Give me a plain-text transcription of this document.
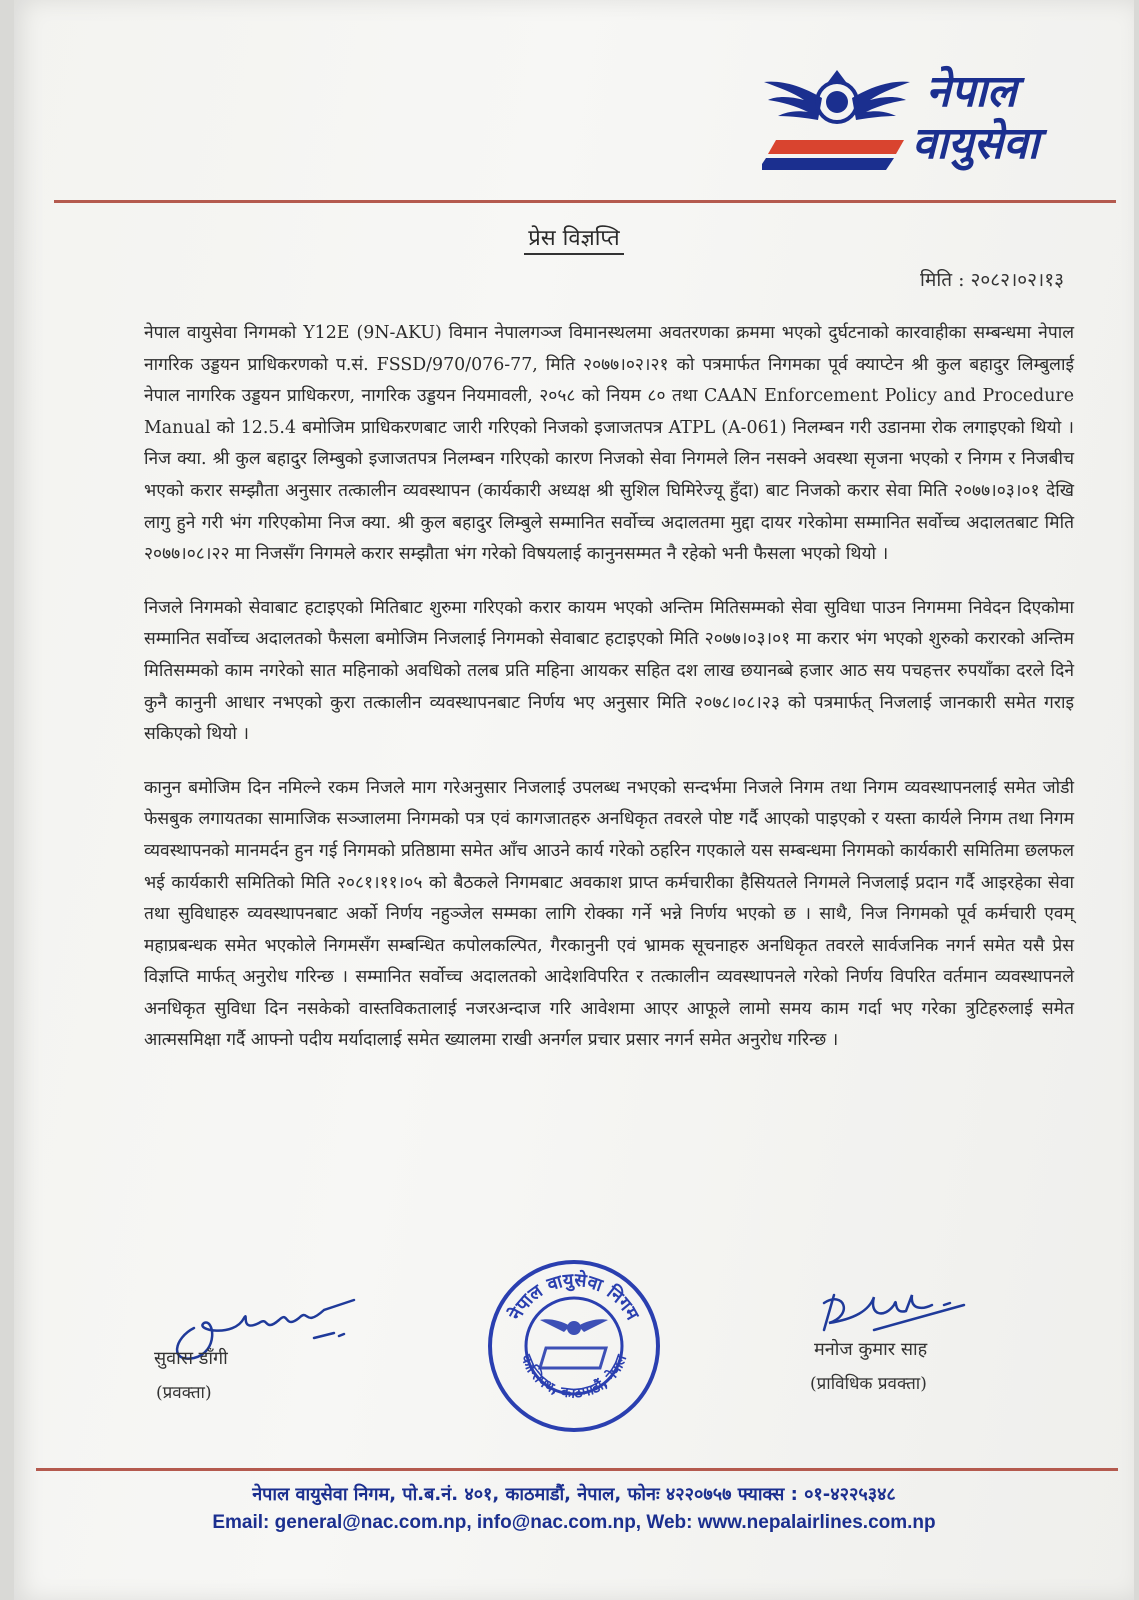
नेपाल
वायुसेवा
प्रेस विज्ञप्ति
मिति : २०८२।०२।१३

नेपाल वायुसेवा निगमको Y12E (9N-AKU) विमान नेपालगञ्ज विमानस्थलमा अवतरणका क्रममा भएको दुर्घटनाको कारवाहीका सम्बन्धमा नेपाल नागरिक उड्डयन प्राधिकरणको प.सं. FSSD/970/076-77, मिति २०७७।०२।२१ को पत्रमार्फत निगमका पूर्व क्याप्टेन श्री कुल बहादुर लिम्बुलाई नेपाल नागरिक उड्डयन प्राधिकरण, नागरिक उड्डयन नियमावली, २०५८ को नियम ८० तथा CAAN Enforcement Policy and Procedure Manual को 12.5.4 बमोजिम प्राधिकरणबाट जारी गरिएको निजको इजाजतपत्र ATPL (A-061) निलम्बन गरी उडानमा रोक लगाइएको थियो । निज क्या. श्री कुल बहादुर लिम्बुको इजाजतपत्र निलम्बन गरिएको कारण निजको सेवा निगमले लिन नसक्ने अवस्था सृजना भएको र निगम र निजबीच भएको करार सम्झौता अनुसार तत्कालीन व्यवस्थापन (कार्यकारी अध्यक्ष श्री सुशिल घिमिरेज्यू हुँदा) बाट निजको करार सेवा मिति २०७७।०३।०१ देखि लागु हुने गरी भंग गरिएकोमा निज क्या. श्री कुल बहादुर लिम्बुले सम्मानित सर्वोच्च अदालतमा मुद्दा दायर गरेकोमा सम्मानित सर्वोच्च अदालतबाट मिति २०७७।०८।२२ मा निजसँग निगमले करार सम्झौता भंग गरेको विषयलाई कानुनसम्मत नै रहेको भनी फैसला भएको थियो ।

निजले निगमको सेवाबाट हटाइएको मितिबाट शुरुमा गरिएको करार कायम भएको अन्तिम मितिसम्मको सेवा सुविधा पाउन निगममा निवेदन दिएकोमा सम्मानित सर्वोच्च अदालतको फैसला बमोजिम निजलाई निगमको सेवाबाट हटाइएको मिति २०७७।०३।०१ मा करार भंग भएको शुरुको करारको अन्तिम मितिसम्मको काम नगरेको सात महिनाको अवधिको तलब प्रति महिना आयकर सहित दश लाख छयानब्बे हजार आठ सय पचहत्तर रुपयाँका दरले दिने कुनै कानुनी आधार नभएको कुरा तत्कालीन व्यवस्थापनबाट निर्णय भए अनुसार मिति २०७८।०८।२३ को पत्रमार्फत् निजलाई जानकारी समेत गराइ सकिएको थियो ।

कानुन बमोजिम दिन नमिल्ने रकम निजले माग गरेअनुसार निजलाई उपलब्ध नभएको सन्दर्भमा निजले निगम तथा निगम व्यवस्थापनलाई समेत जोडी फेसबुक लगायतका सामाजिक सञ्जालमा निगमको पत्र एवं कागजातहरु अनधिकृत तवरले पोष्ट गर्दै आएको पाइएको र यस्ता कार्यले निगम तथा निगम व्यवस्थापनको मानमर्दन हुन गई निगमको प्रतिष्ठामा समेत आँच आउने कार्य गरेको ठहरिन गएकाले यस सम्बन्धमा निगमको कार्यकारी समितिमा छलफल भई कार्यकारी समितिको मिति २०८१।११।०५ को बैठकले निगमबाट अवकाश प्राप्त कर्मचारीका हैसियतले निगमले निजलाई प्रदान गर्दै आइरहेका सेवा तथा सुविधाहरु व्यवस्थापनबाट अर्को निर्णय नहुञ्जेल सम्मका लागि रोक्का गर्ने भन्ने निर्णय भएको छ । साथै, निज निगमको पूर्व कर्मचारी एवम् महाप्रबन्धक समेत भएकोले निगमसँग सम्बन्धित कपोलकल्पित, गैरकानुनी एवं भ्रामक सूचनाहरु अनधिकृत तवरले सार्वजनिक नगर्न समेत यसै प्रेस विज्ञप्ति मार्फत् अनुरोध गरिन्छ । सम्मानित सर्वोच्च अदालतको आदेशविपरित र तत्कालीन व्यवस्थापनले गरेको निर्णय विपरित वर्तमान व्यवस्थापनले अनधिकृत सुविधा दिन नसकेको वास्तविकतालाई नजरअन्दाज गरि आवेशमा आएर आफूले लामो समय काम गर्दा भए गरेका त्रुटिहरुलाई समेत आत्मसमिक्षा गर्दै आफ्नो पदीय मर्यादालाई समेत ख्यालमा राखी अनर्गल प्रचार प्रसार नगर्न समेत अनुरोध गरिन्छ ।

सुवास डाँगी
(प्रवक्ता)
नेपाल वायुसेवा निगम
कान्तिपथ, काठमाडौं, नेपाल
मनोज कुमार साह
(प्राविधिक प्रवक्ता)
नेपाल वायुसेवा निगम, पो.ब.नं. ४०१, काठमाडौं, नेपाल, फोनः ४२२०७५७ फ्याक्स : ०१-४२२५३४८
Email: general@nac.com.np, info@nac.com.np, Web: www.nepalairlines.com.np
